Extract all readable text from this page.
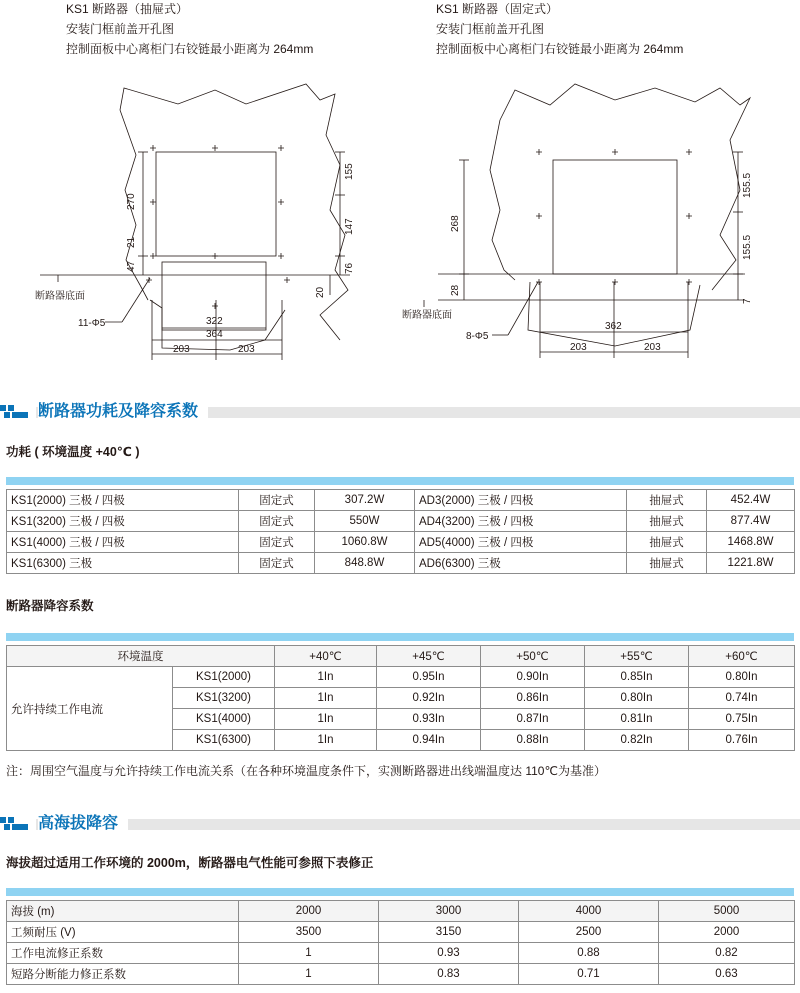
KS1 断路器（抽屉式）
安装门框前盖开孔图
控制面板中心离柜门右铰链最小距离为 264mm
KS1 断路器（固定式）
安装门框前盖开孔图
控制面板中心离柜门右铰链最小距离为 264mm
270
21
47
155
147
76
20
322
364
203	203
断路器底面
11-Φ5
268
28
155.5
155.5
7
362
203	203
断路器底面
8-Φ5
断路器功耗及降容系数
功耗 ( 环境温度 +40℃ )
KS1(2000) 三极 / 四极	固定式	307.2W	AD3(2000) 三极 / 四极	抽屉式	452.4W
KS1(3200) 三极 / 四极	固定式	550W	AD4(3200) 三极 / 四极	抽屉式	877.4W
KS1(4000) 三极 / 四极	固定式	1060.8W	AD5(4000) 三极 / 四极	抽屉式	1468.8W
KS1(6300) 三极	固定式	848.8W	AD6(6300) 三极	抽屉式	1221.8W
断路器降容系数
环境温度		+40℃	+45℃	+50℃	+55℃	+60℃
允许持续工作电流	KS1(2000)	1In	0.95In	0.90In	0.85In	0.80In
	KS1(3200)	1In	0.92In	0.86In	0.80In	0.74In
	KS1(4000)	1In	0.93In	0.87In	0.81In	0.75In
	KS1(6300)	1In	0.94In	0.88In	0.82In	0.76In
注：周围空气温度与允许持续工作电流关系（在各种环境温度条件下，实测断路器进出线端温度达 110℃为基准）
高海拔降容
海拔超过适用工作环境的 2000m，断路器电气性能可参照下表修正
海拔 (m)	2000	3000	4000	5000
工频耐压 (V)	3500	3150	2500	2000
工作电流修正系数	1	0.93	0.88	0.82
短路分断能力修正系数	1	0.83	0.71	0.63
